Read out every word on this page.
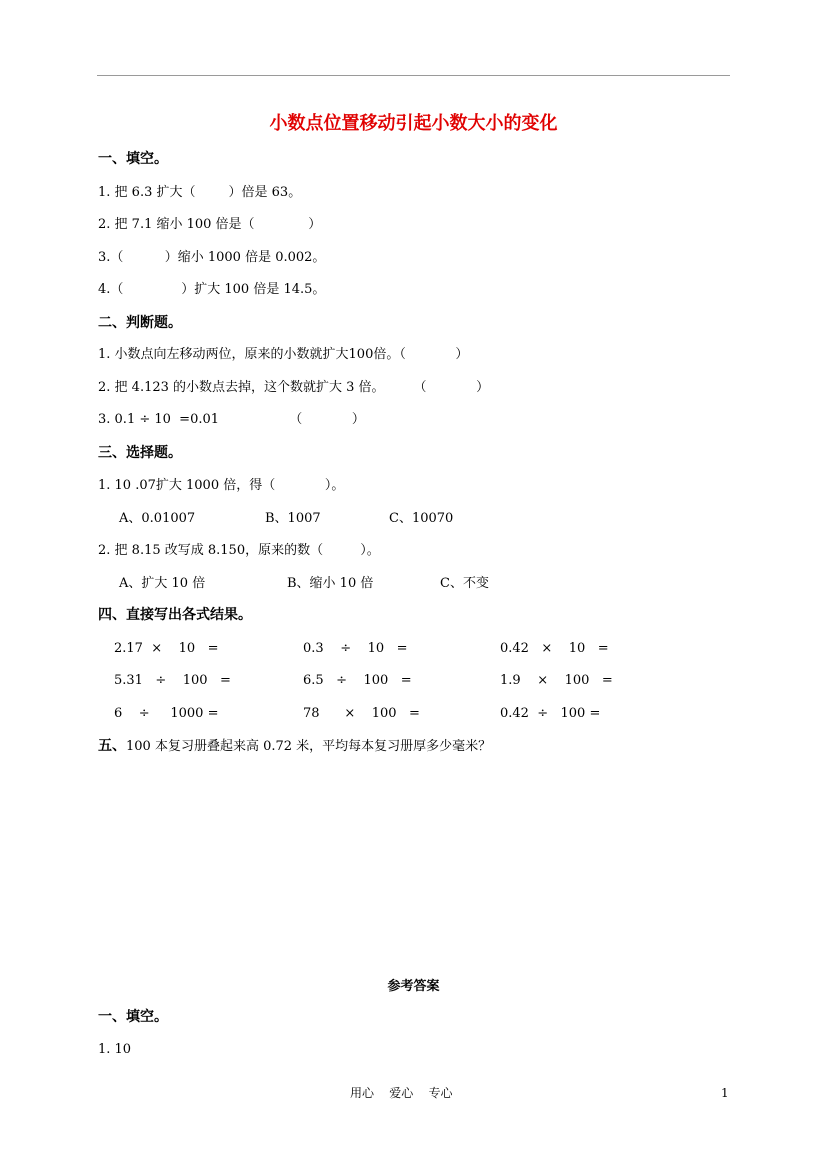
小数点位置移动引起小数大小的变化
一、填空。
1. 把 6.3 扩大（        ）倍是 63。
2. 把 7.1 缩小 100 倍是（             ）
3.（          ）缩小 1000 倍是 0.002。
4.（              ）扩大 100 倍是 14.5。
二、判断题。
1. 小数点向左移动两位，原来的小数就扩大100倍。（            ）
2. 把 4.123 的小数点去掉，这个数就扩大 3 倍。       （            ）
3. 0.1 ÷ 10  =0.01                 （            ）
三、选择题。
1. 10 .07扩大 1000 倍，得（            ）。
A、0.01007	B、1007	C、10070
2. 把 8.15 改写成 8.150，原来的数（         ）。
A、扩大 10 倍	B、缩小 10 倍	C、不变
四、直接写出各式结果。
2.17  ×    10   =	0.3    ÷    10   =	0.42   ×    10   =
5.31   ÷    100   =	6.5   ÷    100   =	1.9    ×    100   =
6    ÷     1000 =	78      ×    100   =	0.42  ÷   100 =
五、100 本复习册叠起来高 0.72 米，平均每本复习册厚多少毫米？
参考答案
一、填空。
1. 10
用心    爱心    专心	1
